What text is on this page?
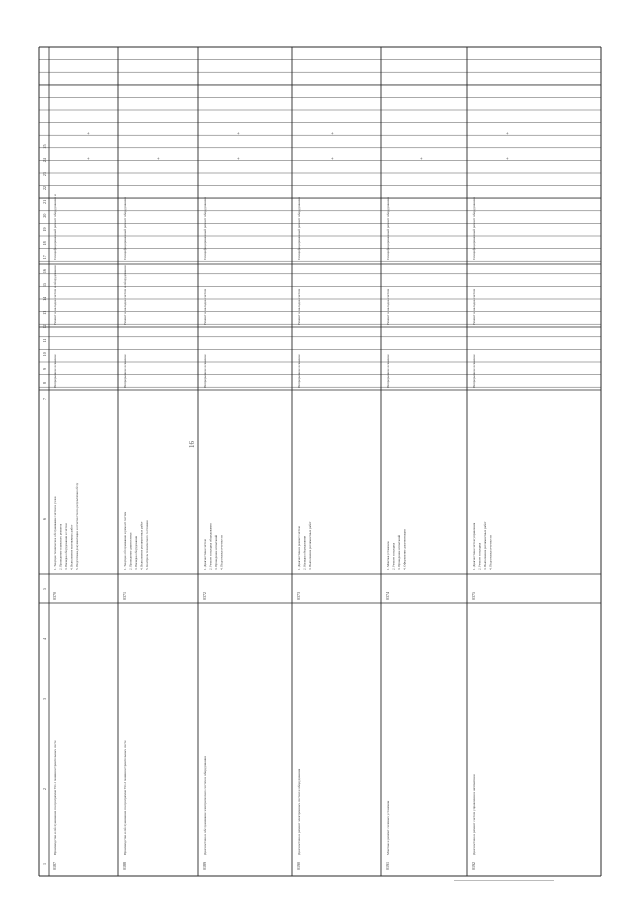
1
2
3
4
5
6
7
8
9
10
11
12
13
14
15
16
17
18
19
20
21
22
23
24
25
0187
Производство и обслуживание по программе ТО-1 машиностроительных систе
Специфицированный ремонт оборудования и
Ремонт и наладка систем и оборудования
Непрерывное освоение
1. Текущее техническое обслуживание систем и узлов 2. Проведение планового ремонта 3. Наладка оборудования и систем 4. Выполнение монтажных работ 5. Подготовка документации и отчетности по результатам обслу
0370
+
+
0188
Производство и обслуживание по программе ТО-2 машиностроительных систе
Специфицированный ремонт оборудования
Ремонт и наладка систем и оборудования
Непрерывное освоение
1. Текущее обслуживание и ремонт систем 2. Проведение диагностики 3. Наладка оборудования 4. Выполнение регламентных работ 5. Контроль технического состояния
0371
+
0189
Диагностика и обслуживание электрических систем и оборудования
Специфицированный ремонт оборудования
Ремонт и наладка систем
Непрерывное освоение
1. Диагностика систем 2. Ремонт и наладка оборудования 3. Проведение испытаний 4. Подготовка отчетности
0372
+
+
0190
Диагностика и ремонт электронных систем и оборудования
Специфицированный ремонт оборудования
Ремонт и наладка систем
Непрерывное освоение
1. Диагностика и ремонт систем 2. Наладка оборудования 3. Выполнение регламентных работ
0373
+
+
0191
Монтаж и ремонт силовых установок
Специфицированный ремонт оборудования
Ремонт и наладка систем
Непрерывное освоение
1. Монтаж установок 2. Ремонт и наладка 3. Проведение испытаний 4. Оформление документации
0374
+
0192
Диагностика и ремонт систем управления и автоматики
Специфицированный ремонт оборудования
Ремонт и наладка систем
Непрерывное освоение
1. Диагностика систем управления 2. Ремонт и наладка 3. Выполнение регламентных работ 4. Подготовка отчетности
0375
+
+
16
